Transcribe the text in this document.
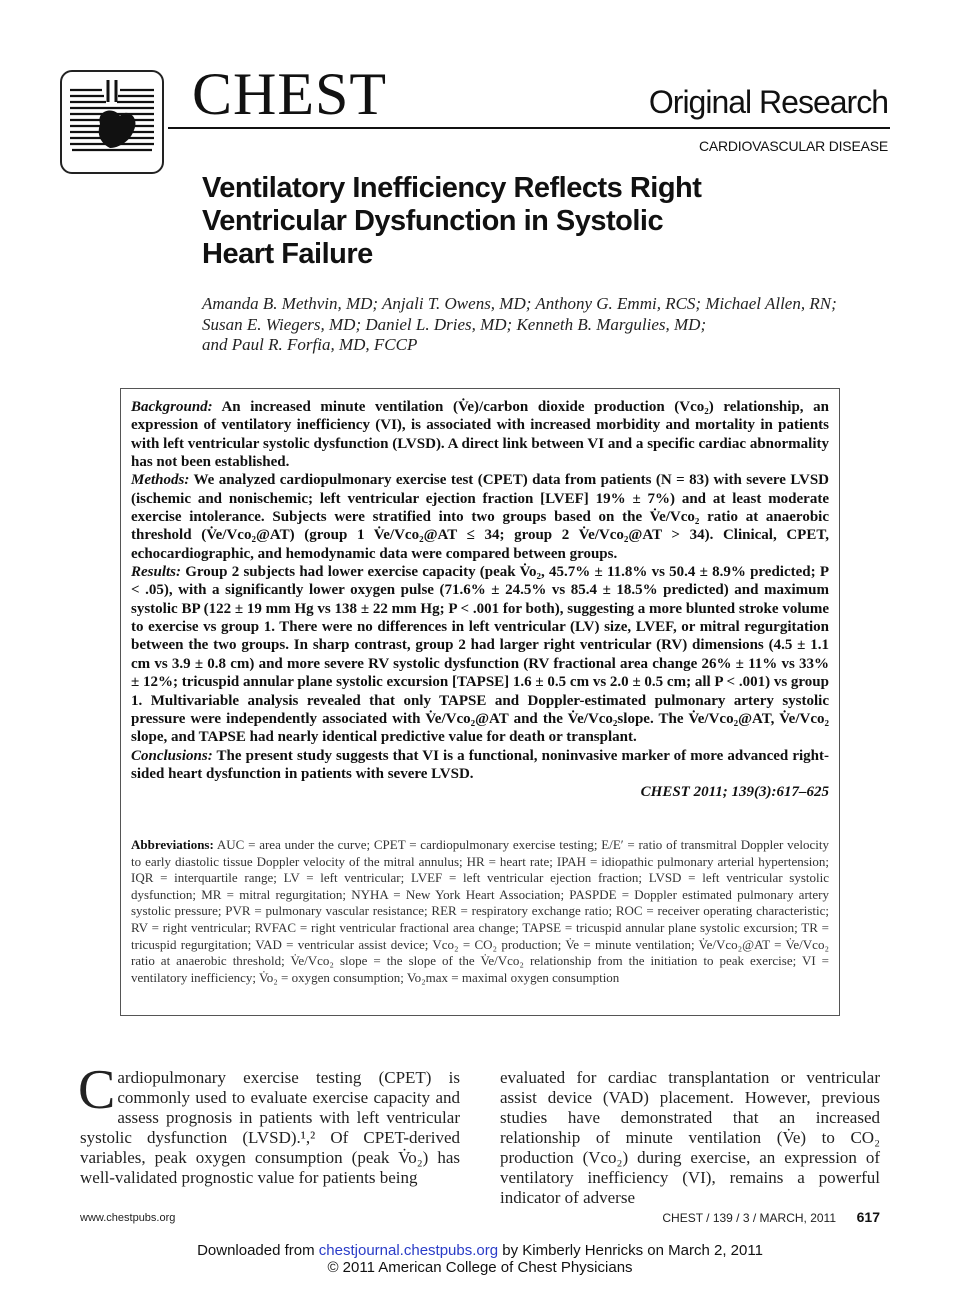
CHEST	Original Research
CARDIOVASCULAR DISEASE
Ventilatory Inefficiency Reflects Right
Ventricular Dysfunction in Systolic
Heart Failure
Amanda B. Methvin, MD; Anjali T. Owens, MD; Anthony G. Emmi, RCS; Michael Allen, RN;
Susan E. Wiegers, MD; Daniel L. Dries, MD; Kenneth B. Margulies, MD;
and Paul R. Forfia, MD, FCCP

Background: An increased minute ventilation (V̇e)/carbon dioxide production (Vco₂) relationship, an expression of ventilatory inefficiency (VI), is associated with increased morbidity and mortality in patients with left ventricular systolic dysfunction (LVSD). A direct link between VI and a specific cardiac abnormality has not been established.

Methods: We analyzed cardiopulmonary exercise test (CPET) data from patients (N = 83) with severe LVSD (ischemic and nonischemic; left ventricular ejection fraction [LVEF] 19% ± 7%) and at least moderate exercise intolerance. Subjects were stratified into two groups based on the V̇e/Vco₂ ratio at anaerobic threshold (V̇e/Vco₂@AT) (group 1 V̇e/Vco₂@AT ≤ 34; group 2 V̇e/Vco₂@AT > 34). Clinical, CPET, echocardiographic, and hemodynamic data were compared between groups.

Results: Group 2 subjects had lower exercise capacity (peak V̇o₂, 45.7% ± 11.8% vs 50.4 ± 8.9% predicted; P < .05), with a significantly lower oxygen pulse (71.6% ± 24.5% vs 85.4 ± 18.5% predicted) and maximum systolic BP (122 ± 19 mm Hg vs 138 ± 22 mm Hg; P < .001 for both), suggesting a more blunted stroke volume to exercise vs group 1. There were no differences in left ventricular (LV) size, LVEF, or mitral regurgitation between the two groups. In sharp contrast, group 2 had larger right ventricular (RV) dimensions (4.5 ± 1.1 cm vs 3.9 ± 0.8 cm) and more severe RV systolic dysfunction (RV fractional area change 26% ± 11% vs 33% ± 12%; tricuspid annular plane systolic excursion [TAPSE] 1.6 ± 0.5 cm vs 2.0 ± 0.5 cm; all P < .001) vs group 1. Multivariable analysis revealed that only TAPSE and Doppler-estimated pulmonary artery systolic pressure were independently associated with V̇e/Vco₂@AT and the V̇e/Vco₂slope. The V̇e/Vco₂@AT, V̇e/Vco₂ slope, and TAPSE had nearly identical predictive value for death or transplant.

Conclusions: The present study suggests that VI is a functional, noninvasive marker of more advanced right-sided heart dysfunction in patients with severe LVSD.

CHEST 2011; 139(3):617–625

Abbreviations: AUC = area under the curve; CPET = cardiopulmonary exercise testing; E/E′ = ratio of transmitral Doppler velocity to early diastolic tissue Doppler velocity of the mitral annulus; HR = heart rate; IPAH = idiopathic pulmonary arterial hypertension; IQR = interquartile range; LV = left ventricular; LVEF = left ventricular ejection fraction; LVSD = left ventricular systolic dysfunction; MR = mitral regurgitation; NYHA = New York Heart Association; PASPDE = Doppler estimated pulmonary artery systolic pressure; PVR = pulmonary vascular resistance; RER = respiratory exchange ratio; ROC = receiver operating characteristic; RV = right ventricular; RVFAC = right ventricular fractional area change; TAPSE = tricuspid annular plane systolic excursion; TR = tricuspid regurgitation; VAD = ventricular assist device; Vco₂ = CO₂ production; V̇e = minute ventilation; V̇e/Vco₂@AT = V̇e/Vco₂ ratio at anaerobic threshold; V̇e/Vco₂ slope = the slope of the V̇e/Vco₂ relationship from the initiation to peak exercise; VI = ventilatory inefficiency; V̇o₂ = oxygen consumption; Vo₂max = maximal oxygen consumption
Cardiopulmonary exercise testing (CPET) is commonly used to evaluate exercise capacity and assess prognosis in patients with left ventricular systolic dysfunction (LVSD).¹,² Of CPET-derived variables, peak oxygen consumption (peak V̇o₂) has well-validated prognostic value for patients being
evaluated for cardiac transplantation or ventricular assist device (VAD) placement. However, previous studies have demonstrated that an increased relationship of minute ventilation (V̇e) to CO₂ production (Vco₂) during exercise, an expression of ventilatory inefficiency (VI), remains a powerful indicator of adverse
www.chestpubs.org	CHEST / 139 / 3 / MARCH, 2011 617
Downloaded from chestjournal.chestpubs.org by Kimberly Henricks on March 2, 2011
© 2011 American College of Chest Physicians
